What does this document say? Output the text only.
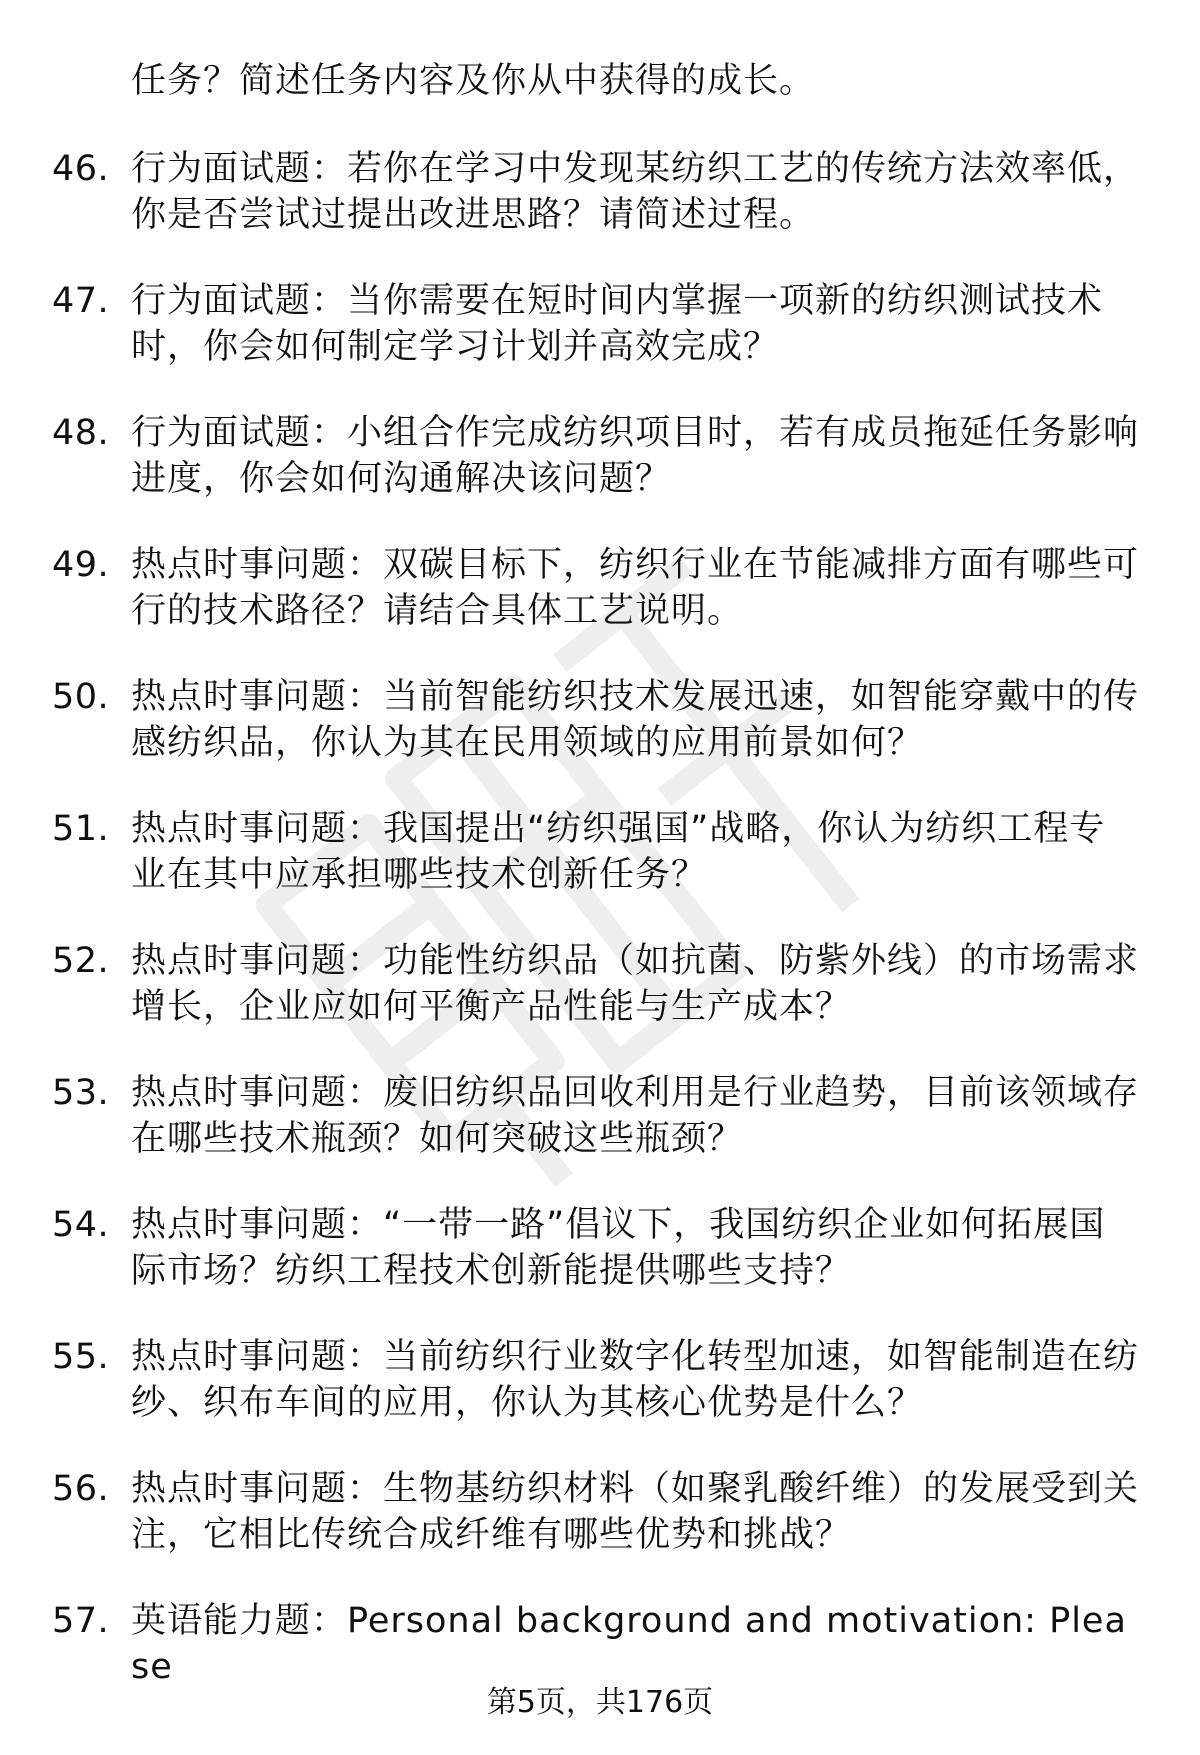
任务？简述任务内容及你从中获得的成长。
46. 行为面试题：若你在学习中发现某纺织工艺的传统方法效率低，你是否尝试过提出改进思路？请简述过程。
47. 行为面试题：当你需要在短时间内掌握一项新的纺织测试技术时，你会如何制定学习计划并高效完成？
48. 行为面试题：小组合作完成纺织项目时，若有成员拖延任务影响进度，你会如何沟通解决该问题？
49. 热点时事问题：双碳目标下，纺织行业在节能减排方面有哪些可行的技术路径？请结合具体工艺说明。
50. 热点时事问题：当前智能纺织技术发展迅速，如智能穿戴中的传感纺织品，你认为其在民用领域的应用前景如何？
51. 热点时事问题：我国提出“纺织强国”战略，你认为纺织工程专业在其中应承担哪些技术创新任务？
52. 热点时事问题：功能性纺织品（如抗菌、防紫外线）的市场需求增长，企业应如何平衡产品性能与生产成本？
53. 热点时事问题：废旧纺织品回收利用是行业趋势，目前该领域存在哪些技术瓶颈？如何突破这些瓶颈？
54. 热点时事问题：“一带一路”倡议下，我国纺织企业如何拓展国际市场？纺织工程技术创新能提供哪些支持？
55. 热点时事问题：当前纺织行业数字化转型加速，如智能制造在纺纱、织布车间的应用，你认为其核心优势是什么？
56. 热点时事问题：生物基纺织材料（如聚乳酸纤维）的发展受到关注，它相比传统合成纤维有哪些优势和挑战？
57. 英语能力题：Personal background and motivation: Please
第5页，共176页
